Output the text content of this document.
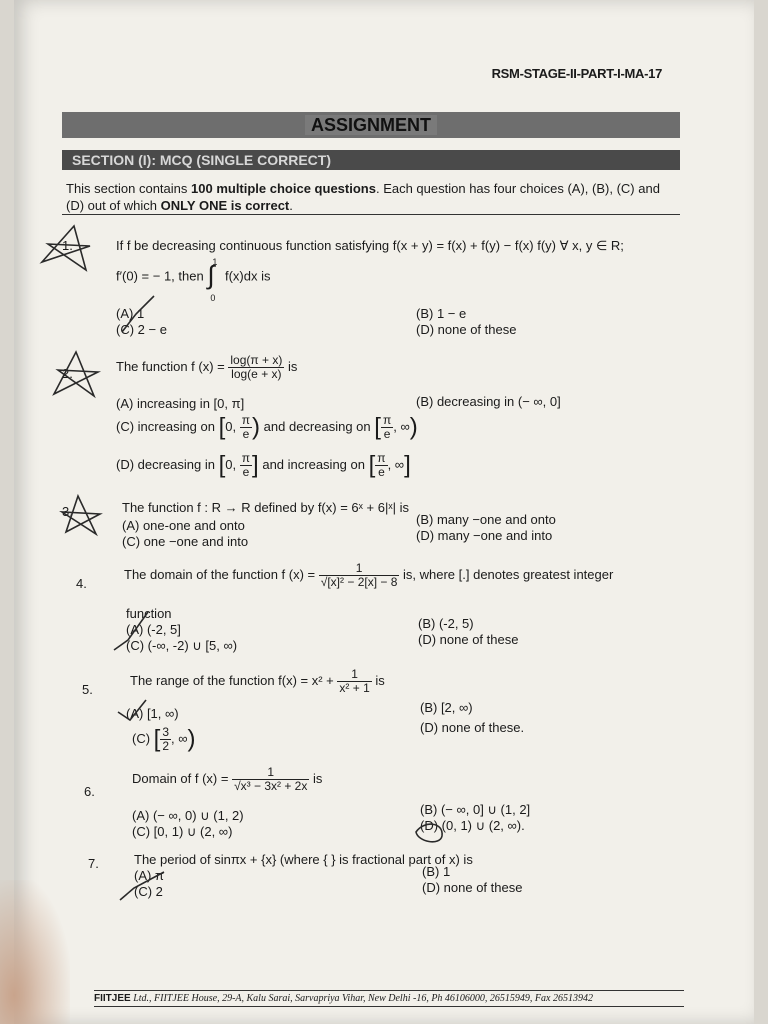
RSM-STAGE-II-PART-I-MA-17
ASSIGNMENT
SECTION (I): MCQ (SINGLE CORRECT)
This section contains 100 multiple choice questions. Each question has four choices (A), (B), (C) and (D) out of which ONLY ONE is correct.
1.	If f be decreasing continuous function satisfying f(x + y) = f(x) + f(y) − f(x) f(y) ∀ x, y ∈ R;
f′(0) = − 1, then
1
∫
0
f(x)dx is
(A) 1	(B) 1 − e
(C) 2 − e	(D) none of these
2.	The function f $(x) = \frac{\log(\pi + x)}{\log(e + x)}$ is
(A) increasing in [0, π]	(B) decreasing in (− ∞, 0]
(C) increasing on [0, $\frac{\pi}{e}$ ) and decreasing on [ $\frac{\pi}{e}$ , ∞)
(D) decreasing in [0, $\frac{\pi}{e}$ ] and increasing on [ $\frac{\pi}{e}$ , ∞]
3.	The function f : R → R defined by f(x) = 6ˣ + 6|ˣ| is
(A) one-one and onto	(B) many −one and onto
(C) one −one and into	(D) many −one and into
4.
The domain of the function f $(x) = \frac{1}{\text{√[x]² − 2[x] − 8}}$ is, where [.] denotes greatest integer
function
(A) (-2, 5]	(B) (-2, 5)
(C) (-∞, -2) ∪ [5, ∞)	(D) none of these
5.
The range of the function $f(x) = x^2 + \frac{1}{\text{x² + 1}}$ is
(A) [1, ∞)	(B) [2, ∞)
(C) [ $\frac{3}{2}$ , ∞)	(D) none of these.
6.
Domain of f $(x) = \frac{1}{\text{√x³ − 3x² + 2x}}$ is
(A) (− ∞, 0) ∪ (1, 2)	(B) (− ∞, 0] ∪ (1, 2]
(C) [0, 1) ∪ (2, ∞)	(D) (0, 1) ∪ (2, ∞).
7.	The period of sinπx + {x} (where { } is fractional part of x) is
(A) π	(B) 1
(C) 2	(D) none of these
FIITJEE Ltd., FIITJEE House, 29-A, Kalu Sarai, Sarvapriya Vihar, New Delhi -16, Ph 46106000, 26515949, Fax 26513942
